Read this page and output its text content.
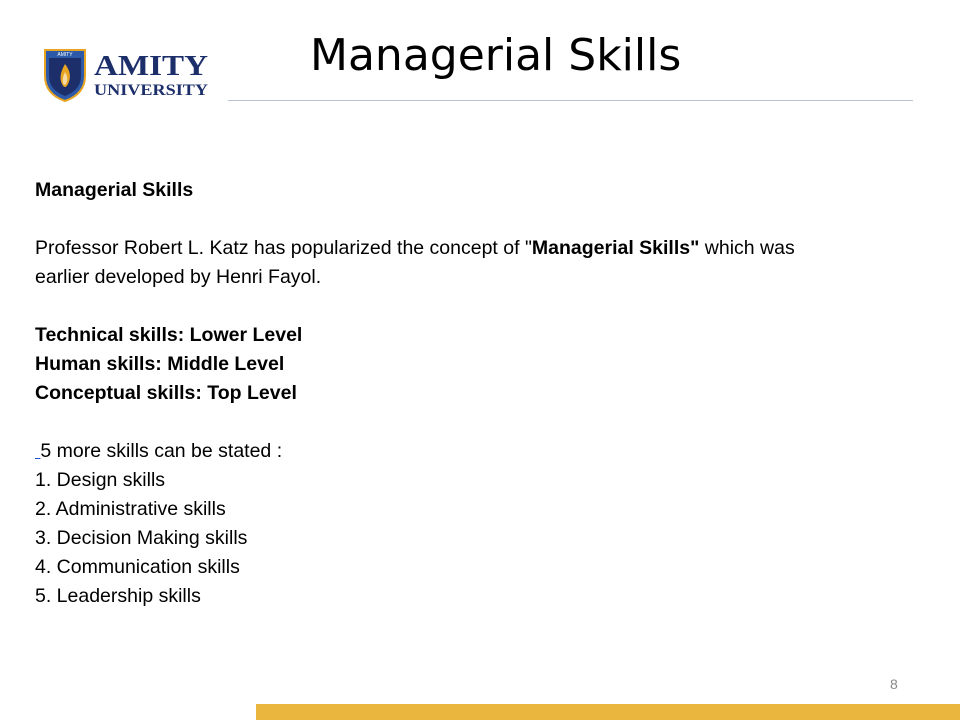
AMITY AMITY
UNIVERSITY
Managerial Skills

Managerial Skills

Professor Robert L. Katz has popularized the concept of "Managerial Skills" which was earlier developed by Henri Fayol.

Technical skills: Lower Level

Human skills: Middle Level

Conceptual skills: Top Level

5 more skills can be stated :

1. Design skills

2. Administrative skills

3. Decision Making skills

4. Communication skills

5. Leadership skills

8
